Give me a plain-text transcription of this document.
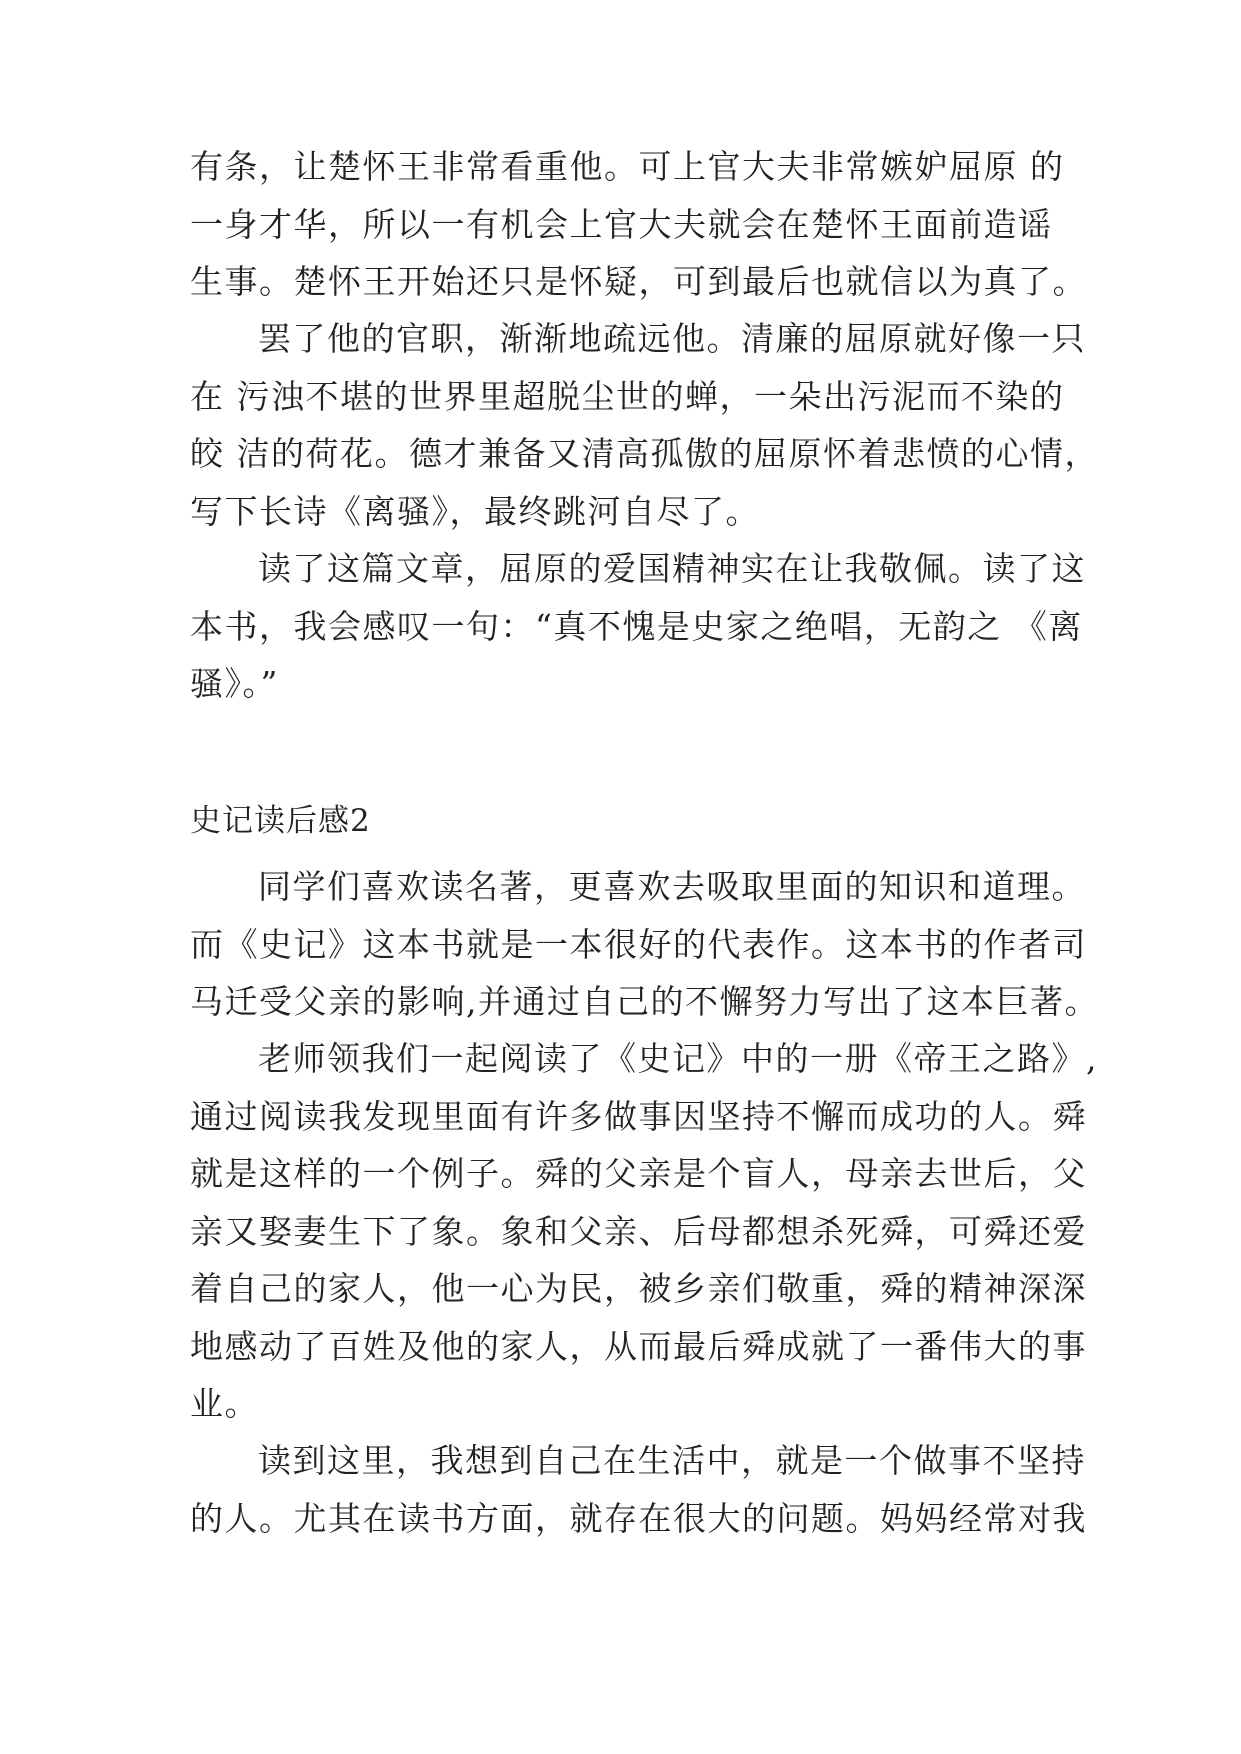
有条，让楚怀王非常看重他。可上官大夫非常嫉妒屈原 的
一身才华，所以一有机会上官大夫就会在楚怀王面前造谣
生事。楚怀王开始还只是怀疑，可到最后也就信以为真了。
罢了他的官职，渐渐地疏远他。清廉的屈原就好像一只
在 污浊不堪的世界里超脱尘世的蝉，一朵出污泥而不染的
皎 洁的荷花。德才兼备又清高孤傲的屈原怀着悲愤的心情，
写下长诗《离骚》，最终跳河自尽了。
读了这篇文章，屈原的爱国精神实在让我敬佩。读了这
本书，我会感叹一句：“真不愧是史家之绝唱，无韵之 《离
骚》。”
史记读后感2
同学们喜欢读名著，更喜欢去吸取里面的知识和道理。
而《史记》这本书就是一本很好的代表作。这本书的作者司
马迁受父亲的影响,并通过自己的不懈努力写出了这本巨著。
老师领我们一起阅读了《史记》中的一册《帝王之路》,
通过阅读我发现里面有许多做事因坚持不懈而成功的人。舜
就是这样的一个例子。舜的父亲是个盲人，母亲去世后，父
亲又娶妻生下了象。象和父亲、后母都想杀死舜，可舜还爱
着自己的家人，他一心为民，被乡亲们敬重，舜的精神深深
地感动了百姓及他的家人，从而最后舜成就了一番伟大的事
业。
读到这里，我想到自己在生活中，就是一个做事不坚持
的人。尤其在读书方面，就存在很大的问题。妈妈经常对我
